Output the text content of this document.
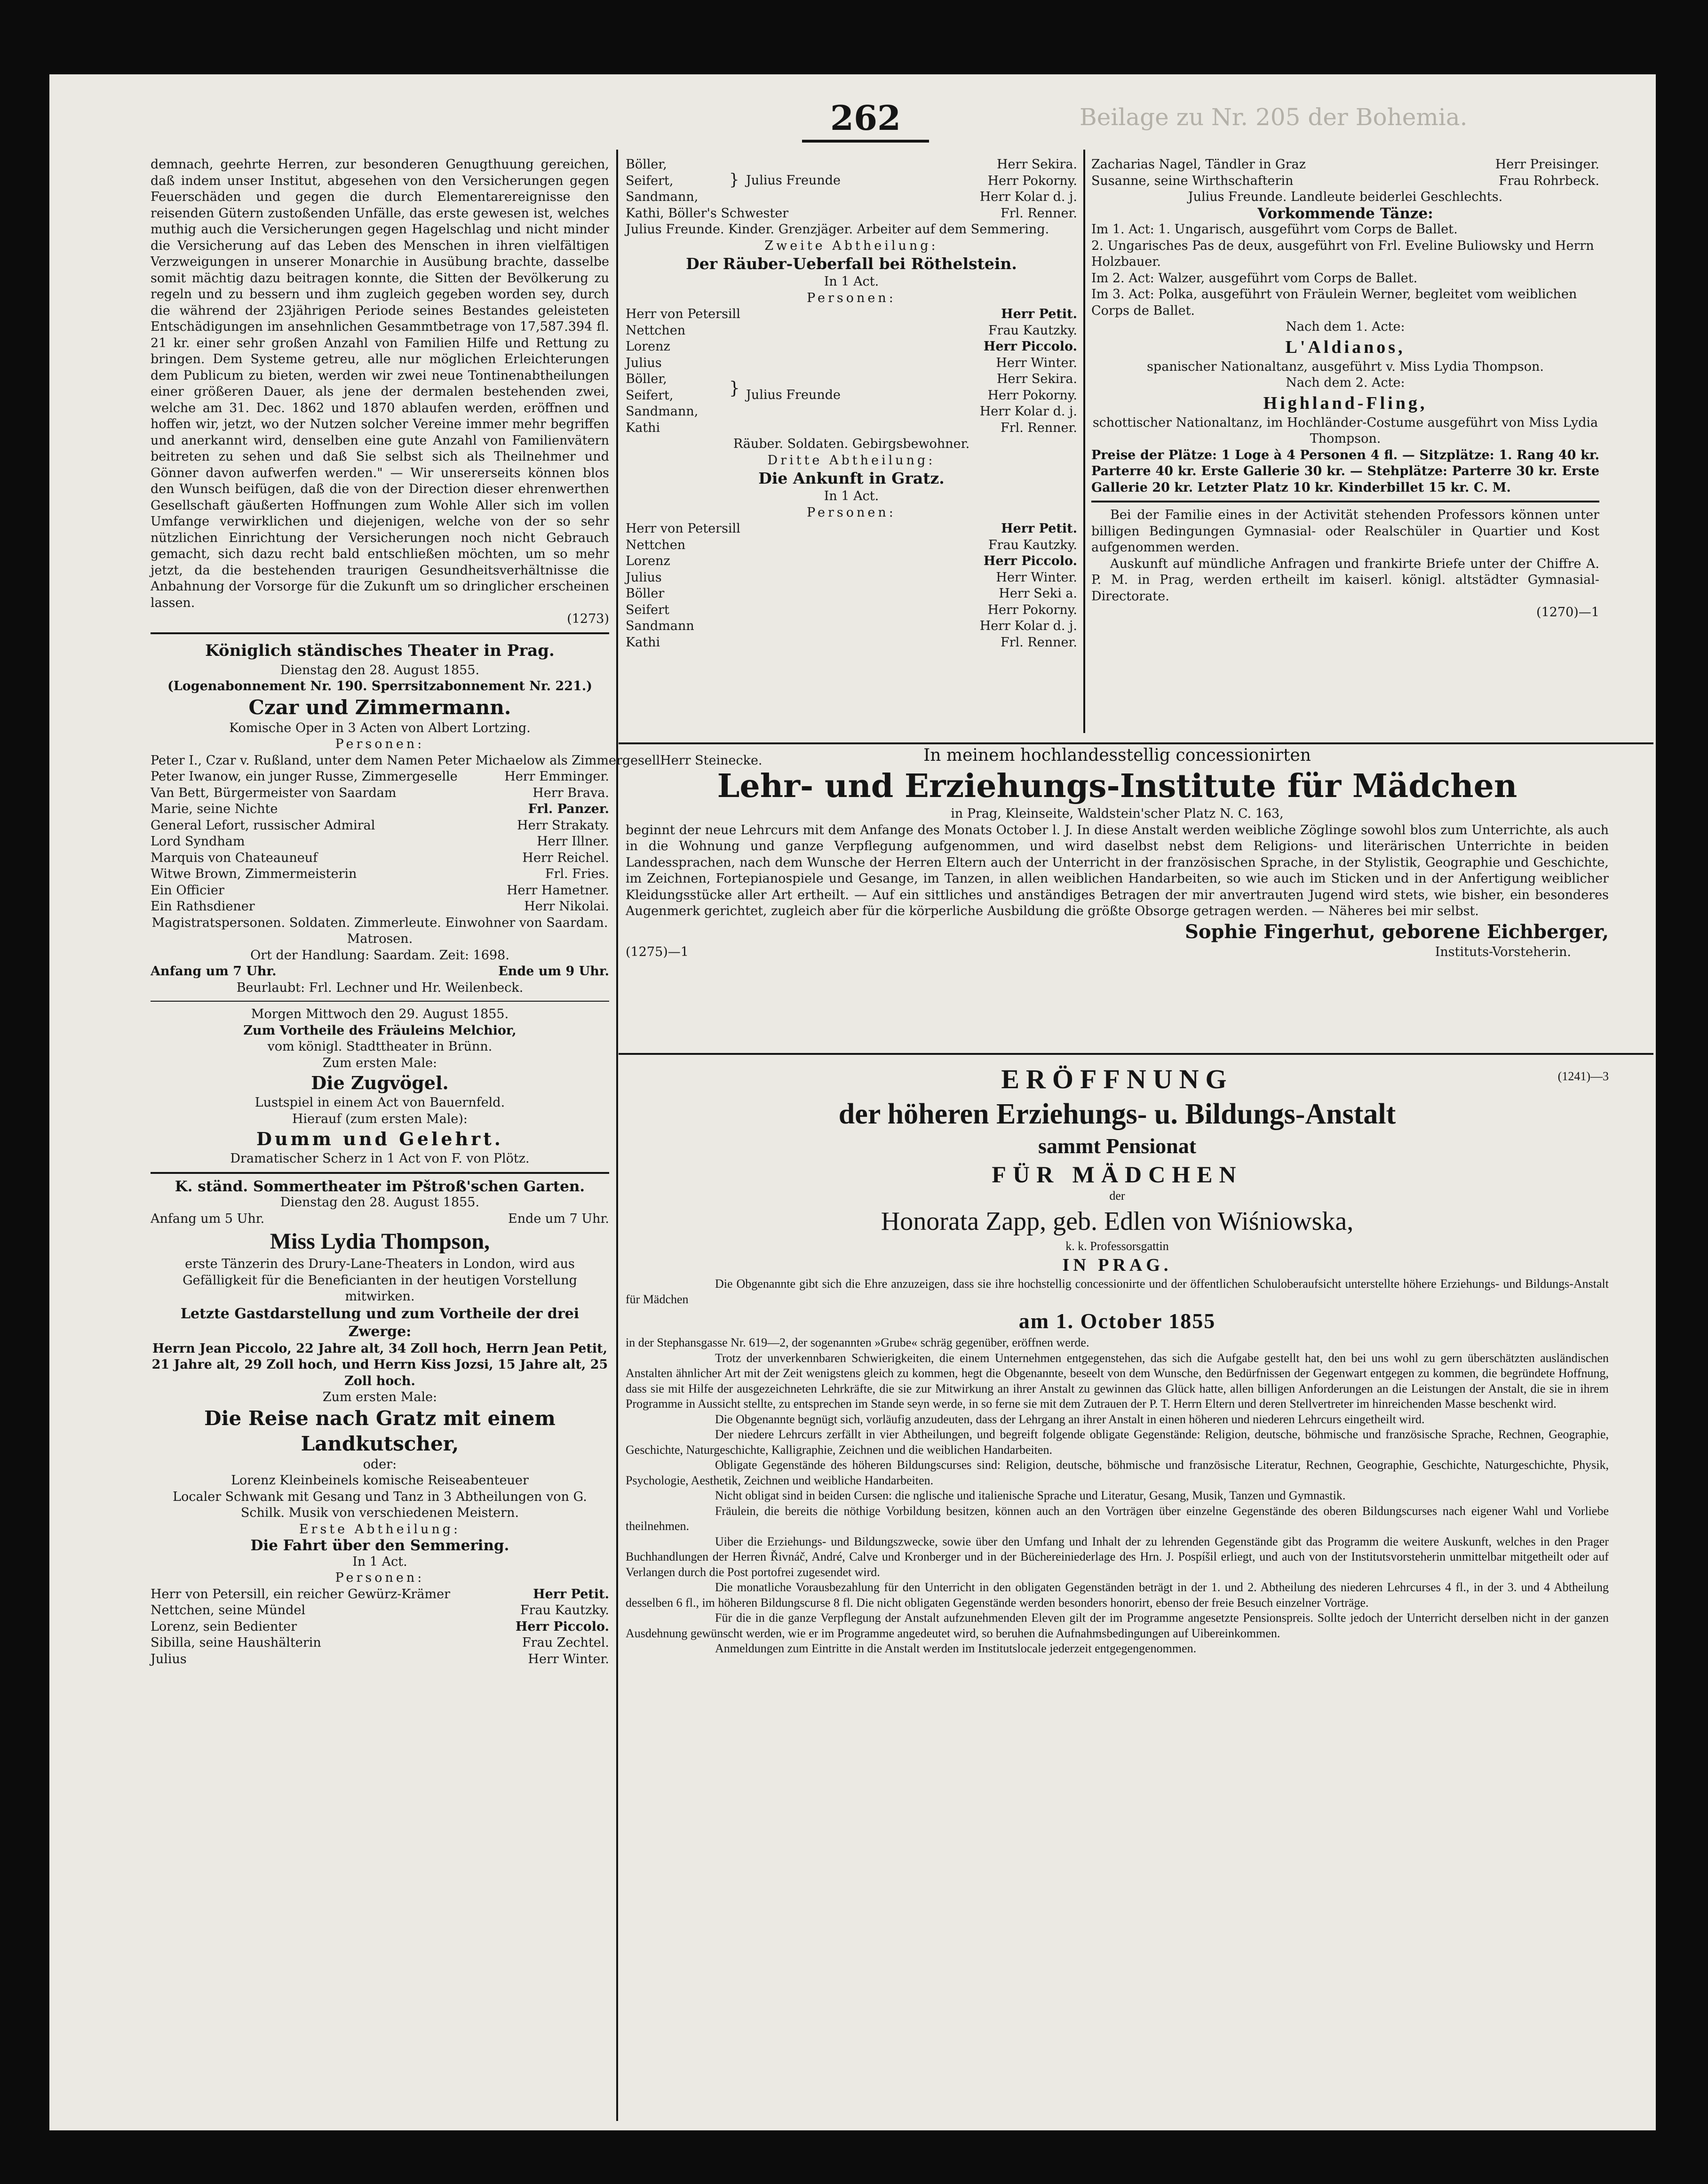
262	Beilage zu Nr. 205 der Bohemia.

demnach, geehrte Herren, zur besonderen Genugthuung gereichen, daß indem unser Institut, abgesehen von den Versicherungen gegen Feuerschäden und gegen die durch Elementarereignisse den reisenden Gütern zustoßenden Unfälle, das erste gewesen ist, welches muthig auch die Versicherungen gegen Hagelschlag und nicht minder die Versicherung auf das Leben des Menschen in ihren vielfältigen Verzweigungen in unserer Monarchie in Ausübung brachte, dasselbe somit mächtig dazu beitragen konnte, die Sitten der Bevölkerung zu regeln und zu bessern und ihm zugleich gegeben worden sey, durch die während der 23jährigen Periode seines Bestandes geleisteten Entschädigungen im ansehnlichen Gesammtbetrage von 17,587.394 fl. 21 kr. einer sehr großen Anzahl von Familien Hilfe und Rettung zu bringen. Dem Systeme getreu, alle nur möglichen Erleichterungen dem Publicum zu bieten, werden wir zwei neue Tontinenabtheilungen einer größeren Dauer, als jene der dermalen bestehenden zwei, welche am 31. Dec. 1862 und 1870 ablaufen werden, eröffnen und hoffen wir, jetzt, wo der Nutzen solcher Vereine immer mehr begriffen und anerkannt wird, denselben eine gute Anzahl von Familienvätern beitreten zu sehen und daß Sie selbst sich als Theilnehmer und Gönner davon aufwerfen werden." — Wir unsererseits können blos den Wunsch beifügen, daß die von der Direction dieser ehrenwerthen Gesellschaft gäußerten Hoffnungen zum Wohle Aller sich im vollen Umfange verwirklichen und diejenigen, welche von der so sehr nützlichen Einrichtung der Versicherungen noch nicht Gebrauch gemacht, sich dazu recht bald entschließen möchten, um so mehr jetzt, da die bestehenden traurigen Gesundheitsverhältnisse die Anbahnung der Vorsorge für die Zukunft um so dringlicher erscheinen lassen.

(1273)

Königlich ständisches Theater in Prag.

Dienstag den 28. August 1855.

(Logenabonnement Nr. 190. Sperrsitzabonnement Nr. 221.)

Czar und Zimmermann.

Komische Oper in 3 Acten von Albert Lortzing.

Personen:

Peter I., Czar v. Rußland, unter dem Namen Peter Michaelow als Zimmergesell Herr Steinecke.
Peter Iwanow, ein junger Russe, Zimmergeselle	Herr Emminger.
Van Bett, Bürgermeister von Saardam	Herr Brava.
Marie, seine Nichte	Frl. Panzer.
General Lefort, russischer Admiral	Herr Strakaty.
Lord Syndham	Herr Illner.
Marquis von Chateauneuf	Herr Reichel.
Witwe Brown, Zimmermeisterin	Frl. Fries.
Ein Officier	Herr Hametner.
Ein Rathsdiener	Herr Nikolai.

Magistratspersonen. Soldaten. Zimmerleute. Einwohner von Saardam. Matrosen.

Ort der Handlung: Saardam. Zeit: 1698.

Anfang um 7 Uhr.	Ende um 9 Uhr.

Beurlaubt: Frl. Lechner und Hr. Weilenbeck.

Morgen Mittwoch den 29. August 1855.

Zum Vortheile des Fräuleins Melchior,

vom königl. Stadttheater in Brünn.

Zum ersten Male:

Die Zugvögel.

Lustspiel in einem Act von Bauernfeld.

Hierauf (zum ersten Male):

Dumm und Gelehrt.

Dramatischer Scherz in 1 Act von F. von Plötz.

K. ständ. Sommertheater im Pštroß'schen Garten.

Dienstag den 28. August 1855.

Anfang um 5 Uhr.	Ende um 7 Uhr.

Miss Lydia Thompson,

erste Tänzerin des Drury-Lane-Theaters in London, wird aus Gefälligkeit für die Beneficianten in der heutigen Vorstellung mitwirken.

Letzte Gastdarstellung und zum Vortheile der drei Zwerge:

Herrn Jean Piccolo, 22 Jahre alt, 34 Zoll hoch, Herrn Jean Petit, 21 Jahre alt, 29 Zoll hoch, und Herrn Kiss Jozsi, 15 Jahre alt, 25 Zoll hoch.

Zum ersten Male:

Die Reise nach Gratz mit einem Landkutscher,

oder:

Lorenz Kleinbeinels komische Reiseabenteuer

Localer Schwank mit Gesang und Tanz in 3 Abtheilungen von G. Schilk. Musik von verschiedenen Meistern.

Erste Abtheilung:

Die Fahrt über den Semmering.

In 1 Act.

Personen:

Herr von Petersill, ein reicher Gewürz-Krämer	Herr Petit.
Nettchen, seine Mündel	Frau Kautzky.
Lorenz, sein Bedienter	Herr Piccolo.
Sibilla, seine Haushälterin	Frau Zechtel.
Julius	Herr Winter.
Böller,	Herr Sekira.
Seifert,	Herr Pokorny.
Sandmann,	Herr Kolar d. j.
Kathi, Böller's Schwester	Frl. Renner.
} Julius Freunde

Julius Freunde. Kinder. Grenzjäger. Arbeiter auf dem Semmering.

Zweite Abtheilung:

Der Räuber-Ueberfall bei Röthelstein.

In 1 Act.

Personen:

Herr von Petersill	Herr Petit.
Nettchen	Frau Kautzky.
Lorenz	Herr Piccolo.
Julius	Herr Winter.
Böller,	Herr Sekira.
Seifert,	Herr Pokorny.
Sandmann,	Herr Kolar d. j.
Kathi	Frl. Renner.
} Julius Freunde

Räuber. Soldaten. Gebirgsbewohner.

Dritte Abtheilung:

Die Ankunft in Gratz.

In 1 Act.

Personen:

Herr von Petersill	Herr Petit.
Nettchen	Frau Kautzky.
Lorenz	Herr Piccolo.
Julius	Herr Winter.
Böller	Herr Seki a.
Seifert	Herr Pokorny.
Sandmann	Herr Kolar d. j.
Kathi	Frl. Renner.
Zacharias Nagel, Tändler in Graz	Herr Preisinger.
Susanne, seine Wirthschafterin	Frau Rohrbeck.

Julius Freunde. Landleute beiderlei Geschlechts.

Vorkommende Tänze:

Im 1. Act: 1. Ungarisch, ausgeführt vom Corps de Ballet.

2. Ungarisches Pas de deux, ausgeführt von Frl. Eveline Buliowsky und Herrn Holzbauer.

Im 2. Act: Walzer, ausgeführt vom Corps de Ballet.

Im 3. Act: Polka, ausgeführt von Fräulein Werner, begleitet vom weiblichen Corps de Ballet.

Nach dem 1. Acte:

L'Aldianos,

spanischer Nationaltanz, ausgeführt v. Miss Lydia Thompson.

Nach dem 2. Acte:

Highland-Fling,

schottischer Nationaltanz, im Hochländer-Costume ausgeführt von Miss Lydia Thompson.

Preise der Plätze: 1 Loge à 4 Personen 4 fl. — Sitzplätze: 1. Rang 40 kr. Parterre 40 kr. Erste Gallerie 30 kr. — Stehplätze: Parterre 30 kr. Erste Gallerie 20 kr. Letzter Platz 10 kr. Kinderbillet 15 kr. C. M.

Bei der Familie eines in der Activität stehenden Professors können unter billigen Bedingungen Gymnasial- oder Realschüler in Quartier und Kost aufgenommen werden.

Auskunft auf mündliche Anfragen und frankirte Briefe unter der Chiffre A. P. M. in Prag, werden ertheilt im kaiserl. königl. altstädter Gymnasial-Directorate.

(1270)—1

In meinem hochlandesstellig concessionirten

Lehr- und Erziehungs-Institute für Mädchen

in Prag, Kleinseite, Waldstein'scher Platz N. C. 163,

beginnt der neue Lehrcurs mit dem Anfange des Monats October l. J. In diese Anstalt werden weibliche Zöglinge sowohl blos zum Unterrichte, als auch in die Wohnung und ganze Verpflegung aufgenommen, und wird daselbst nebst dem Religions- und literärischen Unterrichte in beiden Landessprachen, nach dem Wunsche der Herren Eltern auch der Unterricht in der französischen Sprache, in der Stylistik, Geographie und Geschichte, im Zeichnen, Fortepianospiele und Gesange, im Tanzen, in allen weiblichen Handarbeiten, so wie auch im Sticken und in der Anfertigung weiblicher Kleidungsstücke aller Art ertheilt. — Auf ein sittliches und anständiges Betragen der mir anvertrauten Jugend wird stets, wie bisher, ein besonderes Augenmerk gerichtet, zugleich aber für die körperliche Ausbildung die größte Obsorge getragen werden. — Näheres bei mir selbst.

Sophie Fingerhut, geborene Eichberger,

(1275)—1	Instituts-Vorsteherin.

ERÖFFNUNG	(1241)—3

der höheren Erziehungs- u. Bildungs-Anstalt

sammt Pensionat

FÜR MÄDCHEN

der

Honorata Zapp, geb. Edlen von Wiśniowska,

k. k. Professorsgattin

IN PRAG.

Die Obgenannte gibt sich die Ehre anzuzeigen, dass sie ihre hochstellig concessionirte und der öffentlichen Schuloberaufsicht unterstellte höhere Erziehungs- und Bildungs-Anstalt für Mädchen

am 1. October 1855

in der Stephansgasse Nr. 619—2, der sogenannten »Grube« schräg gegenüber, eröffnen werde.

Trotz der unverkennbaren Schwierigkeiten, die einem Unternehmen entgegenstehen, das sich die Aufgabe gestellt hat, den bei uns wohl zu gern überschätzten ausländischen Anstalten ähnlicher Art mit der Zeit wenigstens gleich zu kommen, hegt die Obgenannte, beseelt von dem Wunsche, den Bedürfnissen der Gegenwart entgegen zu kommen, die begründete Hoffnung, dass sie mit Hilfe der ausgezeichneten Lehrkräfte, die sie zur Mitwirkung an ihrer Anstalt zu gewinnen das Glück hatte, allen billigen Anforderungen an die Leistungen der Anstalt, die sie in ihrem Programme in Aussicht stellte, zu entsprechen im Stande seyn werde, in so ferne sie mit dem Zutrauen der P. T. Herrn Eltern und deren Stellvertreter im hinreichenden Masse beschenkt wird.

Die Obgenannte begnügt sich, vorläufig anzudeuten, dass der Lehrgang an ihrer Anstalt in einen höheren und niederen Lehrcurs eingetheilt wird.

Der niedere Lehrcurs zerfällt in vier Abtheilungen, und begreift folgende obligate Gegenstände: Religion, deutsche, böhmische und französische Sprache, Rechnen, Geographie, Geschichte, Naturgeschichte, Kalligraphie, Zeichnen und die weiblichen Handarbeiten.

Obligate Gegenstände des höheren Bildungscurses sind: Religion, deutsche, böhmische und französische Literatur, Rechnen, Geographie, Geschichte, Naturgeschichte, Physik, Psychologie, Aesthetik, Zeichnen und weibliche Handarbeiten.

Nicht obligat sind in beiden Cursen: die nglische und italienische Sprache und Literatur, Gesang, Musik, Tanzen und Gymnastik.

Fräulein, die bereits die nöthige Vorbildung besitzen, können auch an den Vorträgen über einzelne Gegenstände des oberen Bildungscurses nach eigener Wahl und Vorliebe theilnehmen.

Uiber die Erziehungs- und Bildungszwecke, sowie über den Umfang und Inhalt der zu lehrenden Gegenstände gibt das Programm die weitere Auskunft, welches in den Prager Buchhandlungen der Herren Řivnáč, André, Calve und Kronberger und in der Büchereiniederlage des Hrn. J. Pospíšil erliegt, und auch von der Institutsvorsteherin unmittelbar mitgetheilt oder auf Verlangen durch die Post portofrei zugesendet wird.

Die monatliche Vorausbezahlung für den Unterricht in den obligaten Gegenständen beträgt in der 1. und 2. Abtheilung des niederen Lehrcurses 4 fl., in der 3. und 4 Abtheilung desselben 6 fl., im höheren Bildungscurse 8 fl. Die nicht obligaten Gegenstände werden besonders honorirt, ebenso der freie Besuch einzelner Vorträge.

Für die in die ganze Verpflegung der Anstalt aufzunehmenden Eleven gilt der im Programme angesetzte Pensionspreis. Sollte jedoch der Unterricht derselben nicht in der ganzen Ausdehnung gewünscht werden, wie er im Programme angedeutet wird, so beruhen die Aufnahmsbedingungen auf Uibereinkommen.

Anmeldungen zum Eintritte in die Anstalt werden im Institutslocale jederzeit entgegengenommen.
